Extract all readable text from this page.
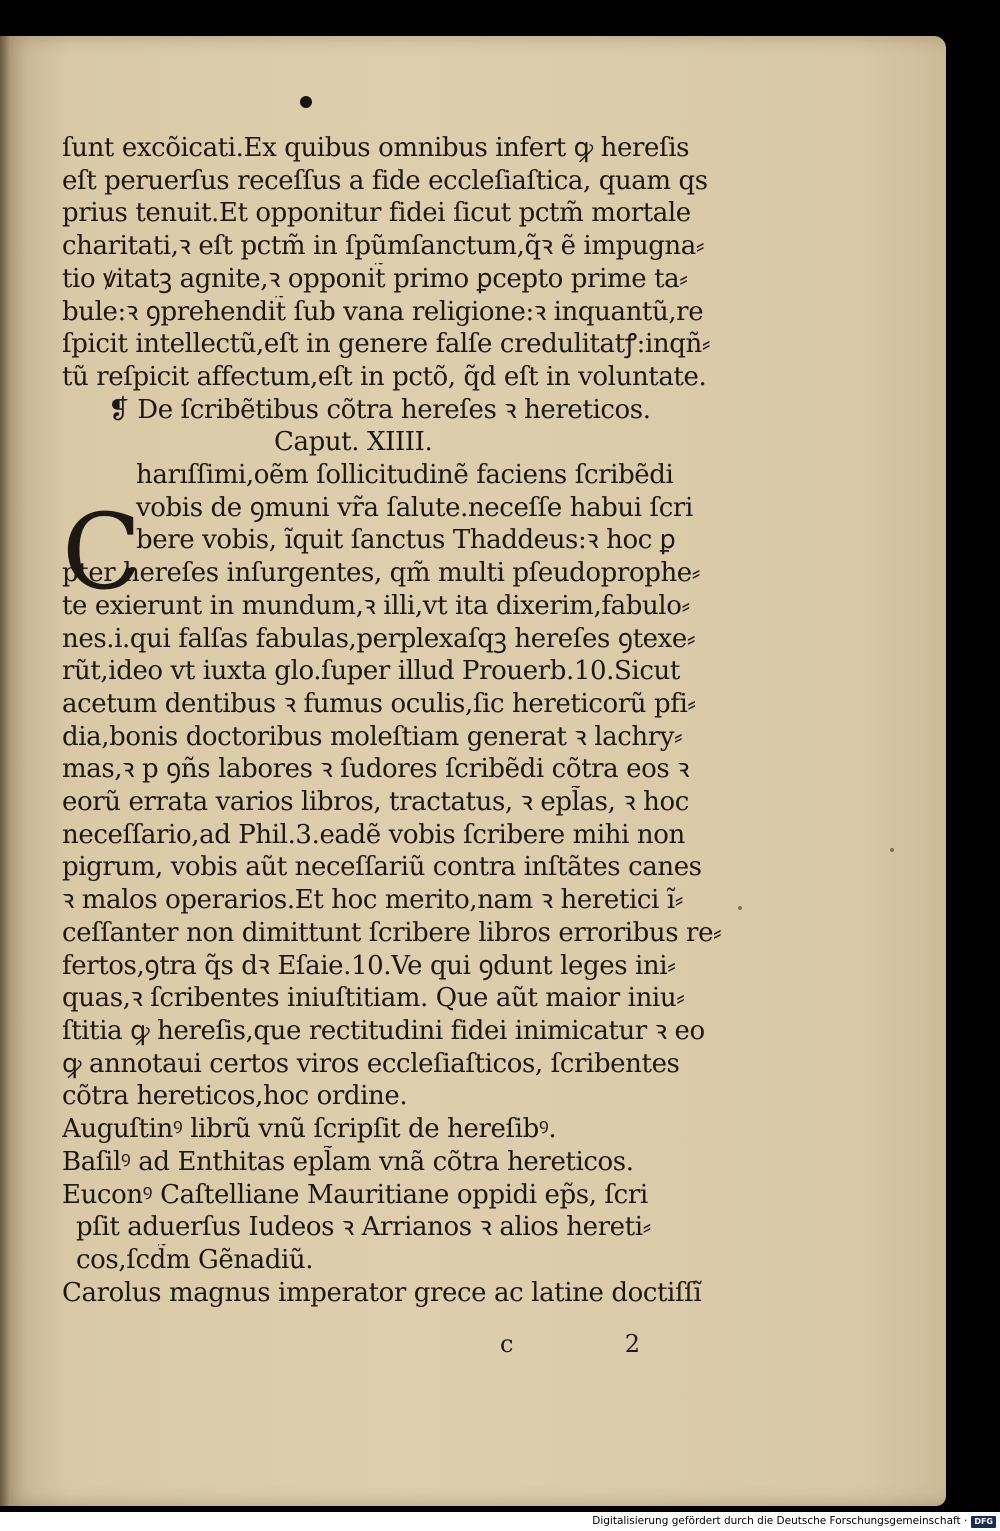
ſunt excõicati.Ex quibus omnibus infert ꝙ hereſis
eſt peruerſus receſſus a fide eccleſiaſtica, quam qs
prius tenuit.Et opponitur fidei ſicut pctm̃ mortale
charitati,ꝛ eſt pctm̃ in ſpũmſanctum,q̃ꝛ ẽ impugna⸗
tio ꝟitatꝫ agnite,ꝛ opponit̃ primo ꝑcepto prime ta⸗
bule:ꝛ ꝯprehendit̃ ſub vana religione:ꝛ inquantũ,re
ſpicit intellectũ,eſt in genere falſe credulitatꝭ:inqñ⸗
tũ reſpicit affectum,eſt in pctõ, q̃d eſt in voluntate.
❡ De ſcribẽtibus cõtra hereſes ꝛ hereticos.
Caput. XIIII.
harıſſimi,oẽm ſollicitudinẽ faciens ſcribẽdi
vobis de ꝯmuni vr̃a ſalute.neceſſe habui ſcri
bere vobis, ĩquit ſanctus Thaddeus:ꝛ hoc ꝑ
pter hereſes inſurgentes, qm̃ multi pſeudoprophe⸗
te exierunt in mundum,ꝛ illi,vt ita dixerim,fabulo⸗
nes.i.qui falſas fabulas,perplexaſqꝫ hereſes ꝯtexe⸗
rũt,ideo vt iuxta glo.ſuper illud Prouerb.10.Sicut
acetum dentibus ꝛ fumus oculis,ſic hereticorũ pfi⸗
dia,bonis doctoribus moleſtiam generat ꝛ lachry⸗
mas,ꝛ p ꝯñs labores ꝛ ſudores ſcribẽdi cõtra eos ꝛ
eorũ errata varios libros, tractatus, ꝛ epl̃as, ꝛ hoc
neceſſario,ad Phil.3.eadẽ vobis ſcribere mihi non
pigrum, vobis aũt neceſſariũ contra inſtãtes canes
ꝛ malos operarios.Et hoc merito,nam ꝛ heretici ĩ⸗
ceſſanter non dimittunt ſcribere libros erroribus re⸗
fertos,ꝯtra q̃s dꝛ Eſaie.10.Ve qui ꝯdunt leges ini⸗
quas,ꝛ ſcribentes iniuſtitiam. Que aũt maior iniu⸗
ſtitia ꝙ hereſis,que rectitudini fidei inimicatur ꝛ eo
ꝙ annotaui certos viros eccleſiaſticos, ſcribentes
cõtra hereticos,hoc ordine.
Auguſtinꝰ librũ vnũ ſcripſit de hereſibꝰ.
Baſilꝰ ad Enthitas epl̃am vnã cõtra hereticos.
Euconꝰ Caſtelliane Mauritiane oppidi ep̃s, ſcri
pſit aduerſus Iudeos ꝛ Arrianos ꝛ alios hereti⸗
cos,ſcd̃m Gẽnadiũ.
Carolus magnus imperator grece ac latine doctiſſĩ
C
c	2
Digitalisierung gefördert durch die Deutsche Forschungsgemeinschaft · DFG
